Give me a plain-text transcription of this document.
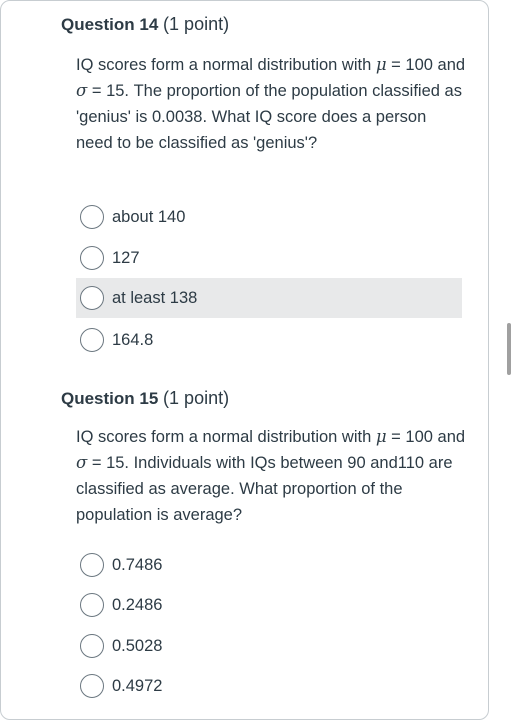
Question 14 (1 point)
IQ scores form a normal distribution with μ = 100 and σ = 15. The proportion of the population classified as 'genius' is 0.0038. What IQ score does a person need to be classified as 'genius'?
about 140
127
at least 138
164.8
Question 15 (1 point)
IQ scores form a normal distribution with μ = 100 and σ = 15. Individuals with IQs between 90 and110 are classified as average. What proportion of the population is average?
0.7486
0.2486
0.5028
0.4972
